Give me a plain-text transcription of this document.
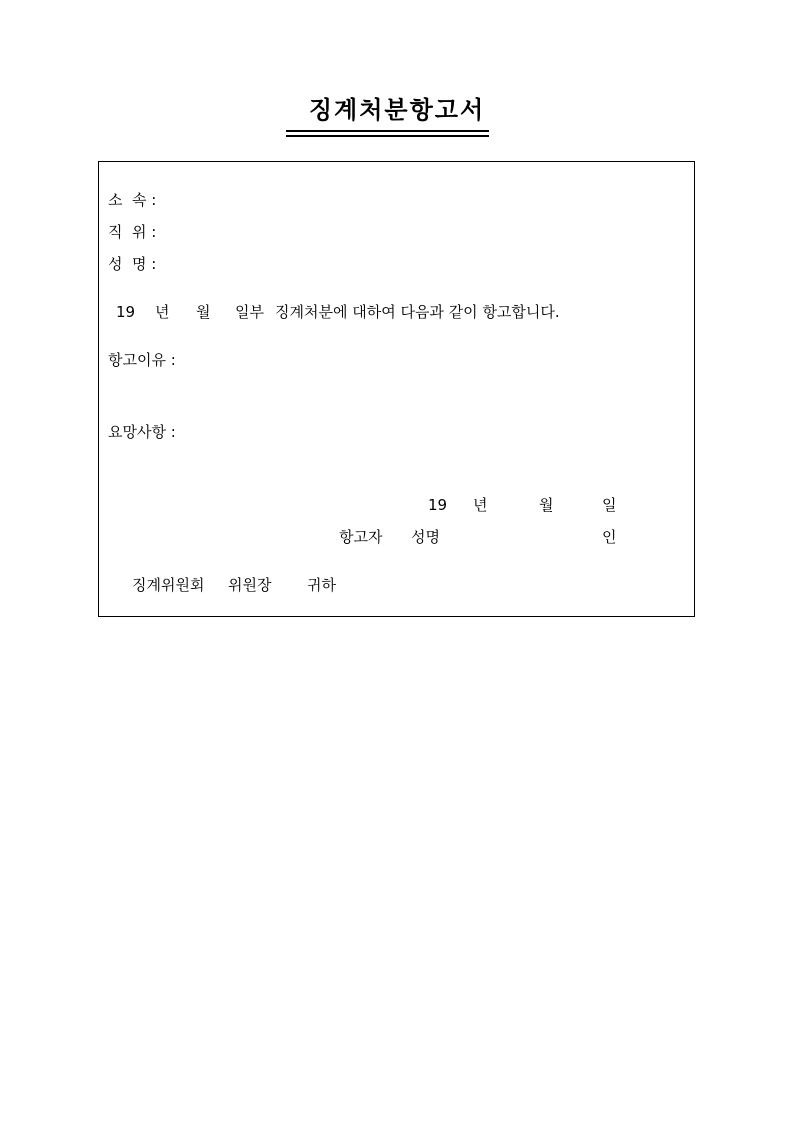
징계처분항고서
소  속 :
직  위 :
성  명 :
19 년 월 일부 징계처분에 대하여 다음과 같이 항고합니다.
항고이유 :
요망사항 :
19 년	월	일
항고자 성명	인
징계위원회 위원장 귀하
